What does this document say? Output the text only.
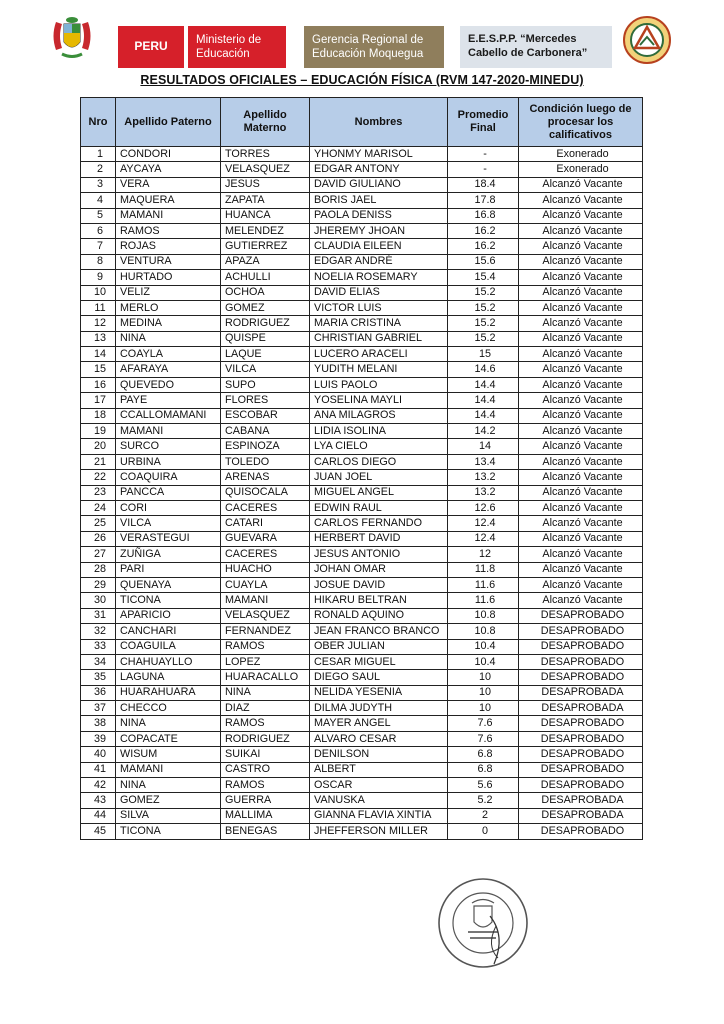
PERU	Ministerio de
Educación
Gerencia Regional de
Educación Moquegua
E.E.S.P.P. “Mercedes
Cabello de Carbonera”
RESULTADOS OFICIALES – EDUCACIÓN FÍSICA (RVM 147-2020-MINEDU)
Nro	Apellido Paterno	Apellido Materno	Nombres	Promedio Final	Condición luego de procesar los calificativos
1	CONDORI	TORRES	YHONMY MARISOL	-	Exonerado
2	AYCAYA	VELASQUEZ	EDGAR ANTONY	-	Exonerado
3	VERA	JESUS	DAVID GIULIANO	18.4	Alcanzó Vacante
4	MAQUERA	ZAPATA	BORIS JAEL	17.8	Alcanzó Vacante
5	MAMANI	HUANCA	PAOLA DENISS	16.8	Alcanzó Vacante
6	RAMOS	MELENDEZ	JHEREMY JHOAN	16.2	Alcanzó Vacante
7	ROJAS	GUTIERREZ	CLAUDIA EILEEN	16.2	Alcanzó Vacante
8	VENTURA	APAZA	EDGAR ANDRÉ	15.6	Alcanzó Vacante
9	HURTADO	ACHULLI	NOELIA ROSEMARY	15.4	Alcanzó Vacante
10	VELIZ	OCHOA	DAVID ELIAS	15.2	Alcanzó Vacante
11	MERLO	GOMEZ	VICTOR LUIS	15.2	Alcanzó Vacante
12	MEDINA	RODRIGUEZ	MARIA CRISTINA	15.2	Alcanzó Vacante
13	NINA	QUISPE	CHRISTIAN GABRIEL	15.2	Alcanzó Vacante
14	COAYLA	LAQUE	LUCERO ARACELI	15	Alcanzó Vacante
15	AFARAYA	VILCA	YUDITH MELANI	14.6	Alcanzó Vacante
16	QUEVEDO	SUPO	LUIS PAOLO	14.4	Alcanzó Vacante
17	PAYE	FLORES	YOSELINA MAYLI	14.4	Alcanzó Vacante
18	CCALLOMAMANI	ESCOBAR	ANA MILAGROS	14.4	Alcanzó Vacante
19	MAMANI	CABANA	LIDIA ISOLINA	14.2	Alcanzó Vacante
20	SURCO	ESPINOZA	LYA CIELO	14	Alcanzó Vacante
21	URBINA	TOLEDO	CARLOS DIEGO	13.4	Alcanzó Vacante
22	COAQUIRA	ARENAS	JUAN JOEL	13.2	Alcanzó Vacante
23	PANCCA	QUISOCALA	MIGUEL ANGEL	13.2	Alcanzó Vacante
24	CORI	CACERES	EDWIN RAUL	12.6	Alcanzó Vacante
25	VILCA	CATARI	CARLOS FERNANDO	12.4	Alcanzó Vacante
26	VERASTEGUI	GUEVARA	HERBERT DAVID	12.4	Alcanzó Vacante
27	ZUÑIGA	CACERES	JESUS ANTONIO	12	Alcanzó Vacante
28	PARI	HUACHO	JOHAN OMAR	11.8	Alcanzó Vacante
29	QUENAYA	CUAYLA	JOSUE DAVID	11.6	Alcanzó Vacante
30	TICONA	MAMANI	HIKARU BELTRAN	11.6	Alcanzó Vacante
31	APARICIO	VELASQUEZ	RONALD AQUINO	10.8	DESAPROBADO
32	CANCHARI	FERNANDEZ	JEAN FRANCO BRANCO	10.8	DESAPROBADO
33	COAGUILA	RAMOS	OBER JULIAN	10.4	DESAPROBADO
34	CHAHUAYLLO	LOPEZ	CESAR MIGUEL	10.4	DESAPROBADO
35	LAGUNA	HUARACALLO	DIEGO SAUL	10	DESAPROBADO
36	HUARAHUARA	NINA	NELIDA YESENIA	10	DESAPROBADA
37	CHECCO	DIAZ	DILMA JUDYTH	10	DESAPROBADA
38	NINA	RAMOS	MAYER ANGEL	7.6	DESAPROBADO
39	COPACATE	RODRIGUEZ	ALVARO CESAR	7.6	DESAPROBADO
40	WISUM	SUIKAI	DENILSON	6.8	DESAPROBADO
41	MAMANI	CASTRO	ALBERT	6.8	DESAPROBADO
42	NINA	RAMOS	OSCAR	5.6	DESAPROBADO
43	GOMEZ	GUERRA	VANUSKA	5.2	DESAPROBADA
44	SILVA	MALLIMA	GIANNA FLAVIA XINTIA	2	DESAPROBADA
45	TICONA	BENEGAS	JHEFFERSON MILLER	0	DESAPROBADO
